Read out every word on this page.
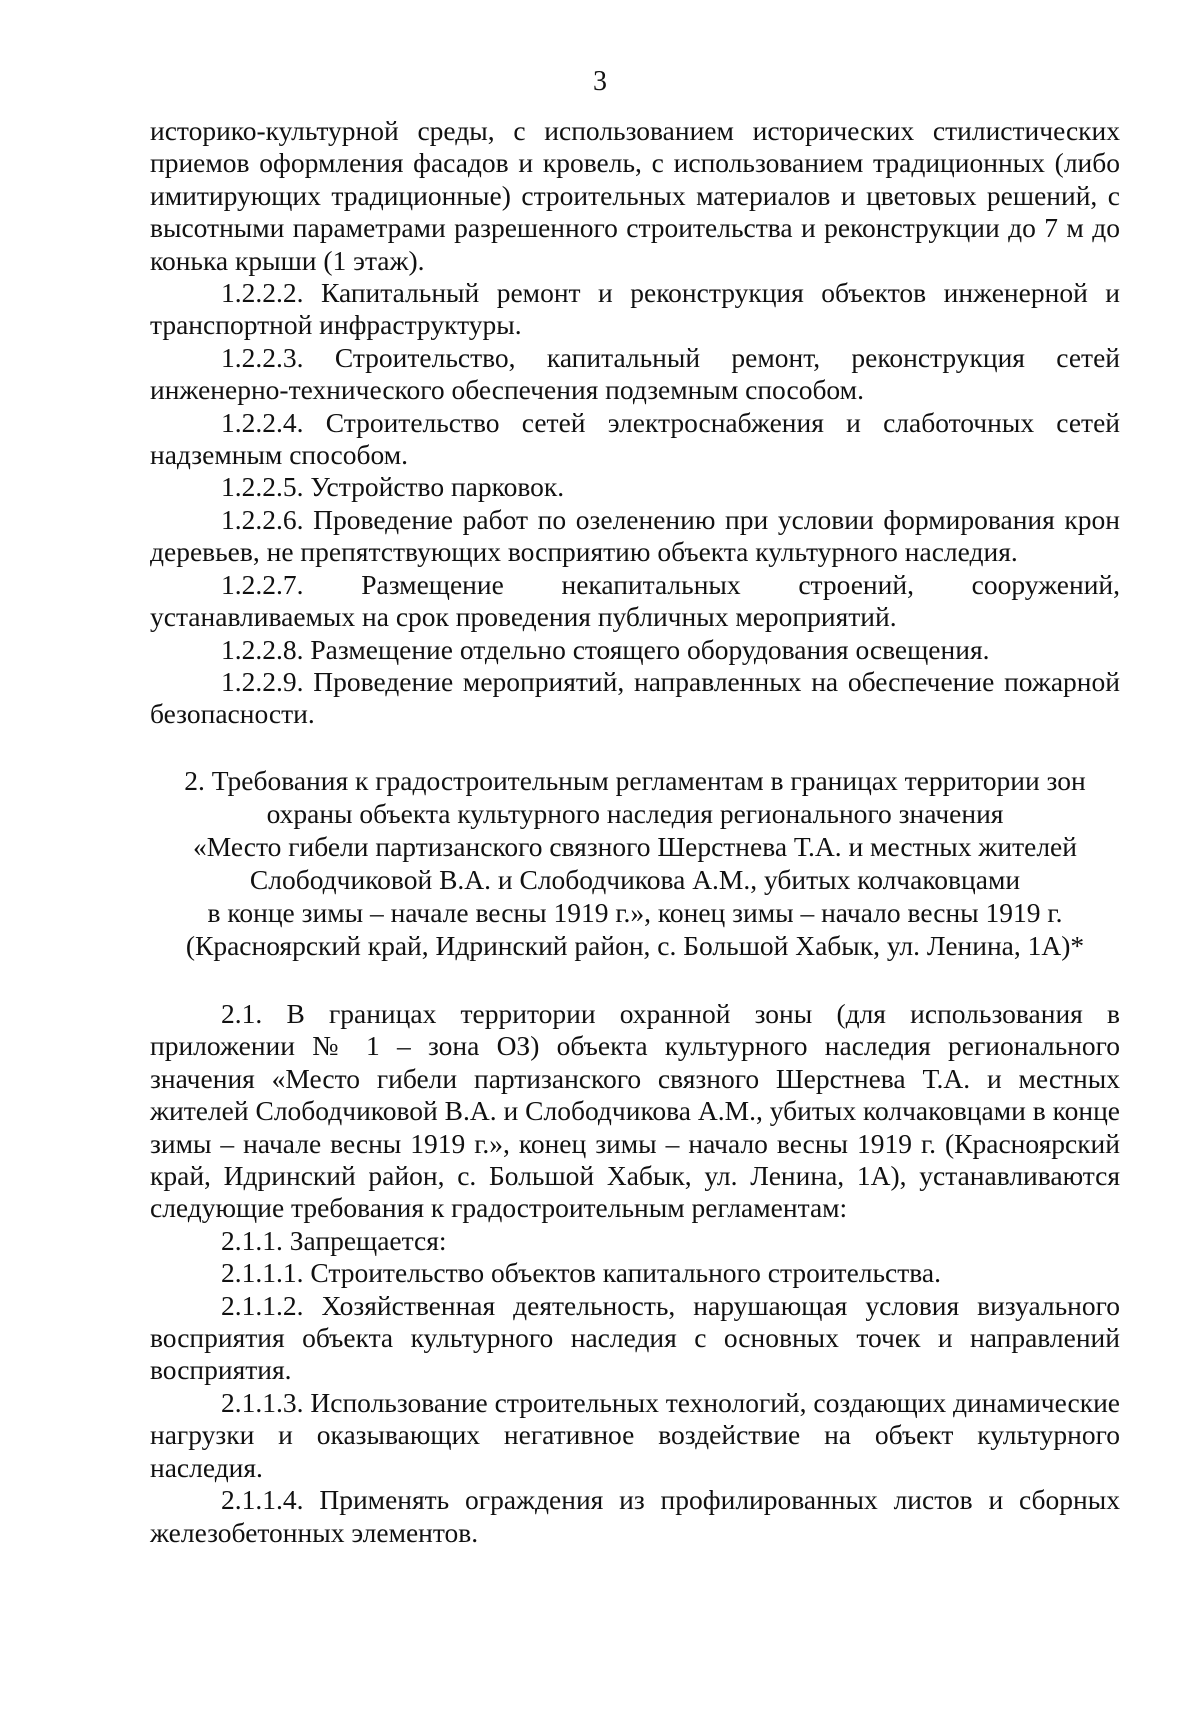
3

историко-культурной среды, с использованием исторических стилистических приемов оформления фасадов и кровель, с использованием традиционных (либо имитирующих традиционные) строительных материалов и цветовых решений, с высотными параметрами разрешенного строительства и реконструкции до 7 м до конька крыши (1 этаж).

1.2.2.2. Капитальный ремонт и реконструкция объектов инженерной и транспортной инфраструктуры.

1.2.2.3. Строительство, капитальный ремонт, реконструкция сетей инженерно-технического обеспечения подземным способом.

1.2.2.4. Строительство сетей электроснабжения и слаботочных сетей надземным способом.

1.2.2.5. Устройство парковок.

1.2.2.6. Проведение работ по озеленению при условии формирования крон деревьев, не препятствующих восприятию объекта культурного наследия.

1.2.2.7. Размещение некапитальных строений, сооружений, устанавливаемых на срок проведения публичных мероприятий.

1.2.2.8. Размещение отдельно стоящего оборудования освещения.

1.2.2.9. Проведение мероприятий, направленных на обеспечение пожарной безопасности.

2. Требования к градостроительным регламентам в границах территории зон
охраны объекта культурного наследия регионального значения
«Место гибели партизанского связного Шерстнева Т.А. и местных жителей
Слободчиковой В.А. и Слободчикова А.М., убитых колчаковцами
в конце зимы – начале весны 1919 г.», конец зимы – начало весны 1919 г.
(Красноярский край, Идринский район, с. Большой Хабык, ул. Ленина, 1А)*

2.1. В границах территории охранной зоны (для использования в приложении № 1 – зона ОЗ) объекта культурного наследия регионального значения «Место гибели партизанского связного Шерстнева Т.А. и местных жителей Слободчиковой В.А. и Слободчикова А.М., убитых колчаковцами в конце зимы – начале весны 1919 г.», конец зимы – начало весны 1919 г. (Красноярский край, Идринский район, с. Большой Хабык, ул. Ленина, 1А), устанавливаются следующие требования к градостроительным регламентам:

2.1.1. Запрещается:

2.1.1.1. Строительство объектов капитального строительства.

2.1.1.2. Хозяйственная деятельность, нарушающая условия визуального восприятия объекта культурного наследия с основных точек и направлений восприятия.

2.1.1.3. Использование строительных технологий, создающих динамические нагрузки и оказывающих негативное воздействие на объект культурного наследия.

2.1.1.4. Применять ограждения из профилированных листов и сборных железобетонных элементов.
